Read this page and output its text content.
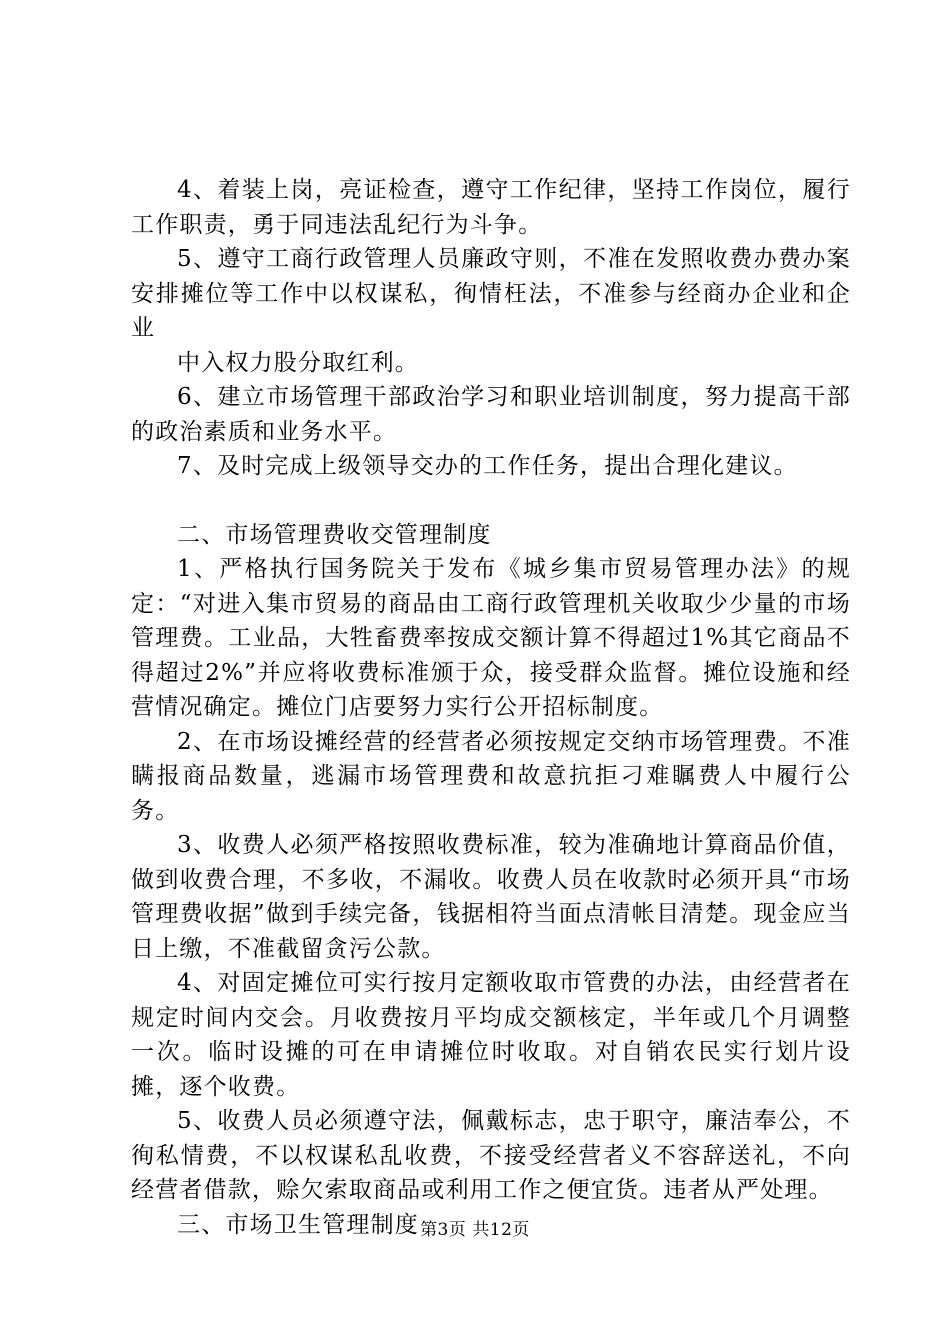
4、着装上岗，亮证检查，遵守工作纪律，坚持工作岗位，履行工作职责，勇于同违法乱纪行为斗争。

5、遵守工商行政管理人员廉政守则，不准在发照收费办费办案安排摊位等工作中以权谋私，徇情枉法，不准参与经商办企业和企业

中入权力股分取红利。

6、建立市场管理干部政治学习和职业培训制度，努力提高干部的政治素质和业务水平。

7、及时完成上级领导交办的工作任务，提出合理化建议。

二、市场管理费收交管理制度

1、严格执行国务院关于发布《城乡集市贸易管理办法》的规定：“对进入集市贸易的商品由工商行政管理机关收取少少量的市场管理费。工业品，大牲畜费率按成交额计算不得超过1%其它商品不得超过2%”并应将收费标准颁于众，接受群众监督。摊位设施和经营情况确定。摊位门店要努力实行公开招标制度。

2、在市场设摊经营的经营者必须按规定交纳市场管理费。不准瞒报商品数量，逃漏市场管理费和故意抗拒刁难瞩费人中履行公务。

3、收费人必须严格按照收费标准，较为准确地计算商品价值，做到收费合理，不多收，不漏收。收费人员在收款时必须开具“市场管理费收据”做到手续完备，钱据相符当面点清帐目清楚。现金应当日上缴，不准截留贪污公款。

4、对固定摊位可实行按月定额收取市管费的办法，由经营者在规定时间内交会。月收费按月平均成交额核定，半年或几个月调整一次。临时设摊的可在申请摊位时收取。对自销农民实行划片设摊，逐个收费。

5、收费人员必须遵守法，佩戴标志，忠于职守，廉洁奉公，不徇私情费，不以权谋私乱收费，不接受经营者义不容辞送礼，不向经营者借款，赊欠索取商品或利用工作之便宜货。违者从严处理。

三、市场卫生管理制度 第3页 共12页
